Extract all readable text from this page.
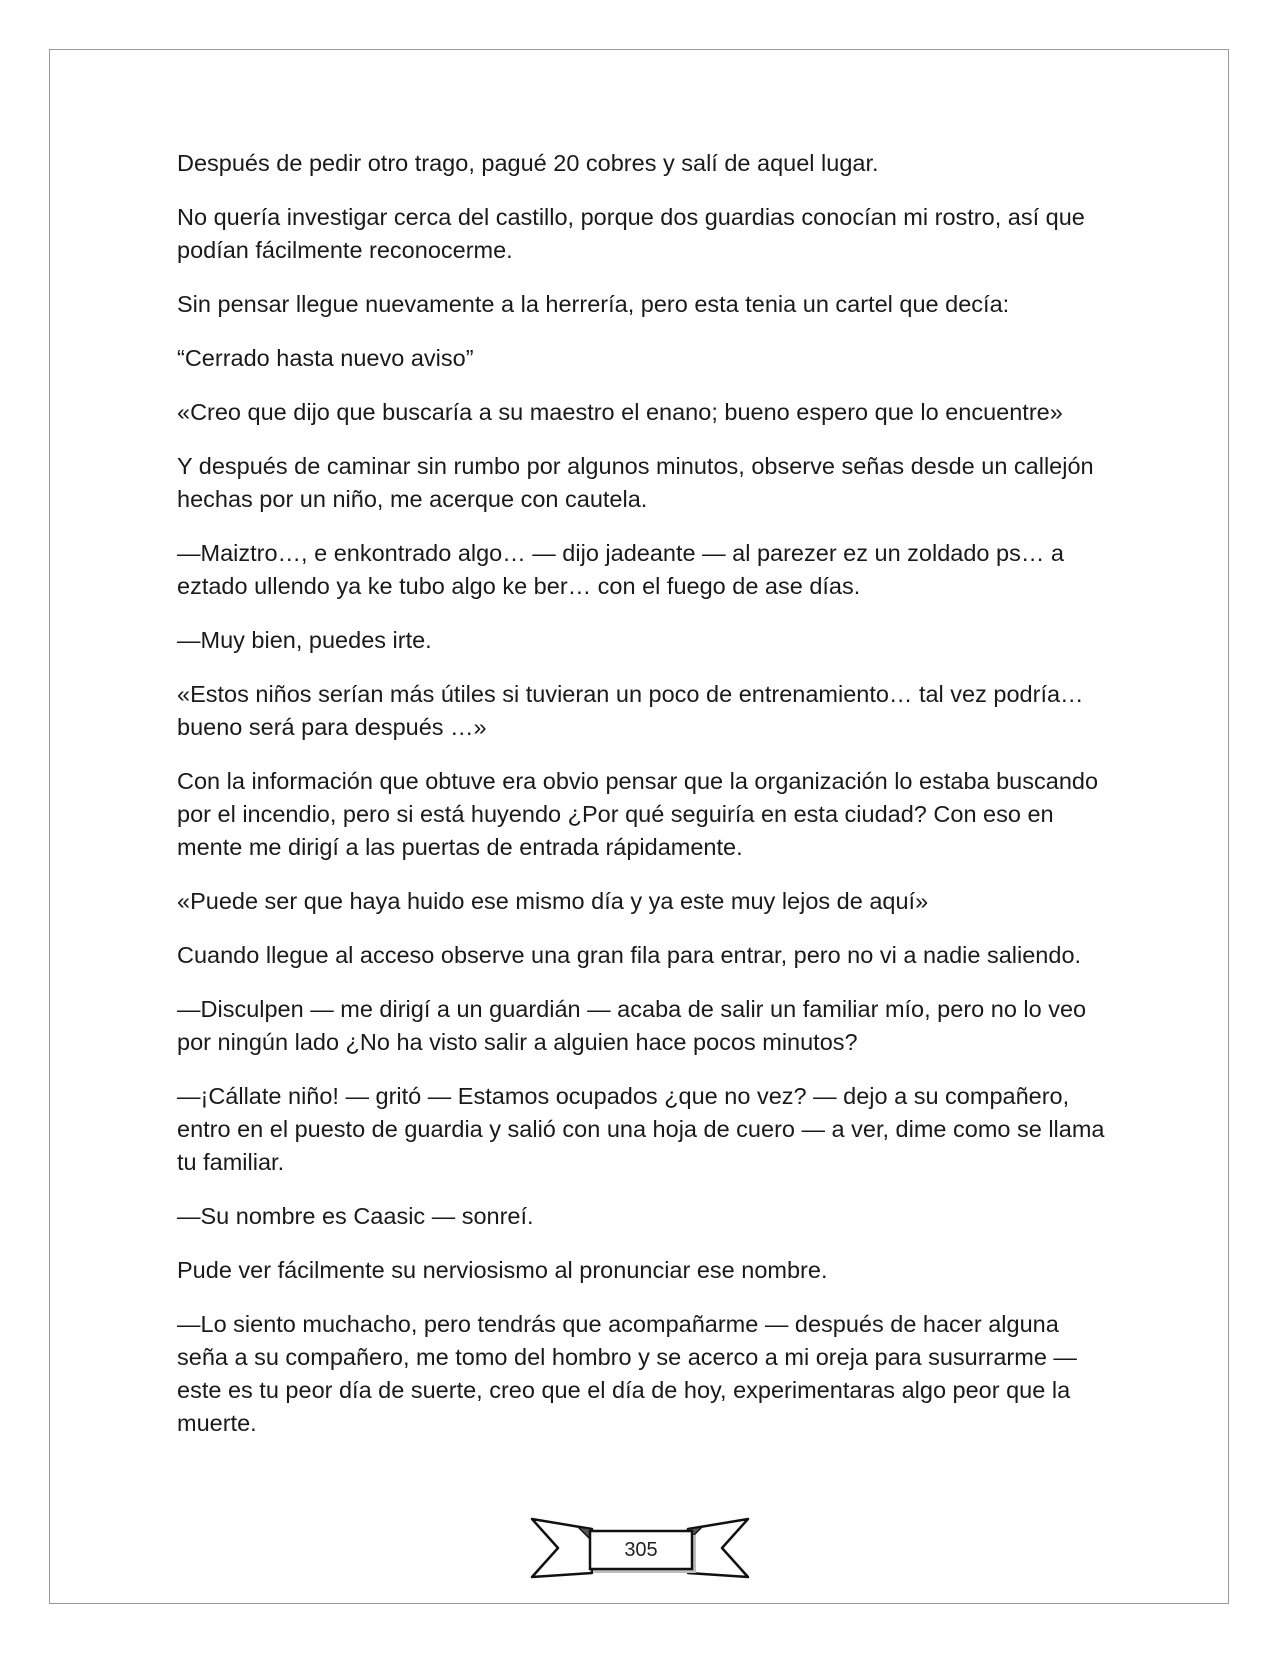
Después de pedir otro trago, pagué 20 cobres y salí de aquel lugar.

No quería investigar cerca del castillo, porque dos guardias conocían mi rostro, así que podían fácilmente reconocerme.

Sin pensar llegue nuevamente a la herrería, pero esta tenia un cartel que decía:

“Cerrado hasta nuevo aviso”

«Creo que dijo que buscaría a su maestro el enano; bueno espero que lo encuentre»

Y después de caminar sin rumbo por algunos minutos, observe señas desde un callejón hechas por un niño, me acerque con cautela.

—Maiztro…, e enkontrado algo… — dijo jadeante — al parezer ez un zoldado ps… a eztado ullendo ya ke tubo algo ke ber… con el fuego de ase días.

—Muy bien, puedes irte.

«Estos niños serían más útiles si tuvieran un poco de entrenamiento… tal vez podría… bueno será para después …»

Con la información que obtuve era obvio pensar que la organización lo estaba buscando por el incendio, pero si está huyendo ¿Por qué seguiría en esta ciudad? Con eso en mente me dirigí a las puertas de entrada rápidamente.

«Puede ser que haya huido ese mismo día y ya este muy lejos de aquí»

Cuando llegue al acceso observe una gran fila para entrar, pero no vi a nadie saliendo.

—Disculpen — me dirigí a un guardián — acaba de salir un familiar mío, pero no lo veo por ningún lado ¿No ha visto salir a alguien hace pocos minutos?

—¡Cállate niño! — gritó — Estamos ocupados ¿que no vez? — dejo a su compañero, entro en el puesto de guardia y salió con una hoja de cuero — a ver, dime como se llama tu familiar.

—Su nombre es Caasic — sonreí.

Pude ver fácilmente su nerviosismo al pronunciar ese nombre.

—Lo siento muchacho, pero tendrás que acompañarme — después de hacer alguna seña a su compañero, me tomo del hombro y se acerco a mi oreja para susurrarme — este es tu peor día de suerte, creo que el día de hoy, experimentaras algo peor que la muerte.

305
